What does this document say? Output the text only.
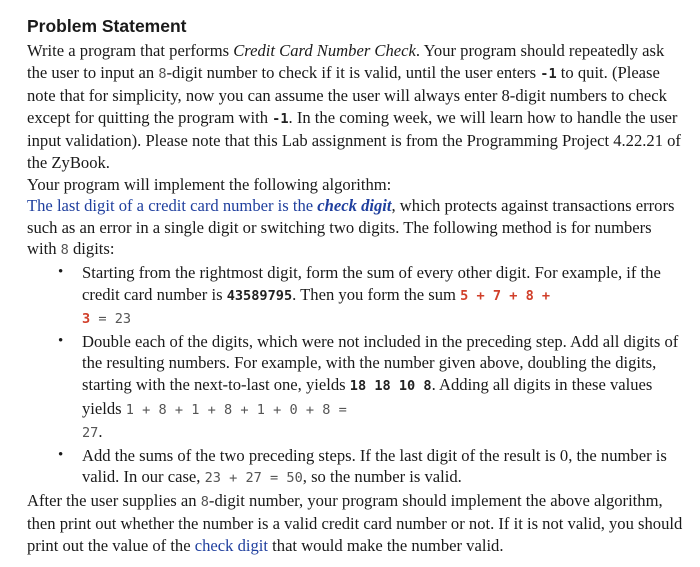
Problem Statement

Write a program that performs Credit Card Number Check. Your program should repeatedly ask the user to input an 8-digit number to check if it is valid, until the user enters -1 to quit. (Please note that for simplicity, now you can assume the user will always enter 8-digit numbers to check except for quitting the program with -1. In the coming week, we will learn how to handle the user input validation). Please note that this Lab assignment is from the Programming Project 4.22.21 of the ZyBook.

Your program will implement the following algorithm:

The last digit of a credit card number is the check digit, which protects against transactions errors such as an error in a single digit or switching two digits. The following method is for numbers with 8 digits:

• Starting from the rightmost digit, form the sum of every other digit. For example, if the credit card number is 43589795. Then you form the sum 5 + 7 + 8 +
3 = 23
• Double each of the digits, which were not included in the preceding step. Add all digits of the resulting numbers. For example, with the number given above, doubling the digits, starting with the next-to-last one, yields 18 18 10 8. Adding all digits in these values yields 1 + 8 + 1 + 8 + 1 + 0 + 8 =
27.
• Add the sums of the two preceding steps. If the last digit of the result is 0, the number is valid. In our case, 23 + 27 = 50, so the number is valid.

After the user supplies an 8-digit number, your program should implement the above algorithm, then print out whether the number is a valid credit card number or not. If it is not valid, you should print out the value of the check digit that would make the number valid.
